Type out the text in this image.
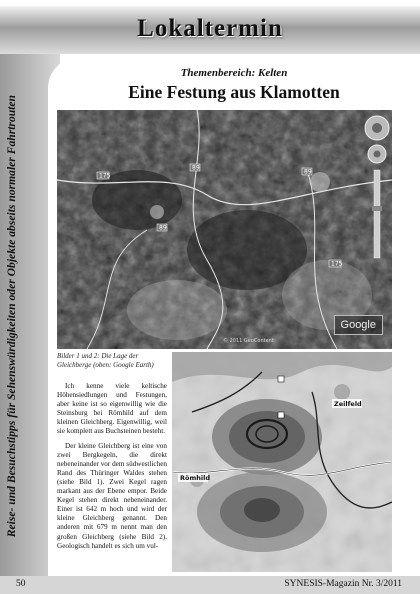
Lokaltermin
Reise- und Besuchstipps für Sehenswürdigkeiten oder Objekte abseits normaler Fahrtrouten
Themenbereich: Kelten
Eine Festung aus Klamotten
175
89
89
89
175
© 2011 GeoContent
Google
Bilder 1 und 2: Die Lage der Gleichberge (oben: Google Earth)

Ich kenne viele keltische Höhensiedlungen und Festungen, aber keine ist so eigenwillig wie die Steinsburg bei Römhild auf dem kleinen Gleichberg. Eigenwillig, weil sie komplett aus Buchsteinen besteht.

Der kleine Gleichberg ist eine von zwei Bergkegeln, die direkt nebeneinander vor dem südwestlichen Rand des Thüringer Waldes stehen (siehe Bild 1). Zwei Kegel ragen markant aus der Ebene empor. Beide Kegel stehen direkt nebeneinander. Einer ist 642 m hoch und wird der kleine Gleichberg genannt. Den anderen mit 679 m nennt man den großen Gleichberg (siehe Bild 2). Geologisch handelt es sich um vul-

Römhild
Zeilfeld
50	SYNESIS-Magazin Nr. 3/2011
